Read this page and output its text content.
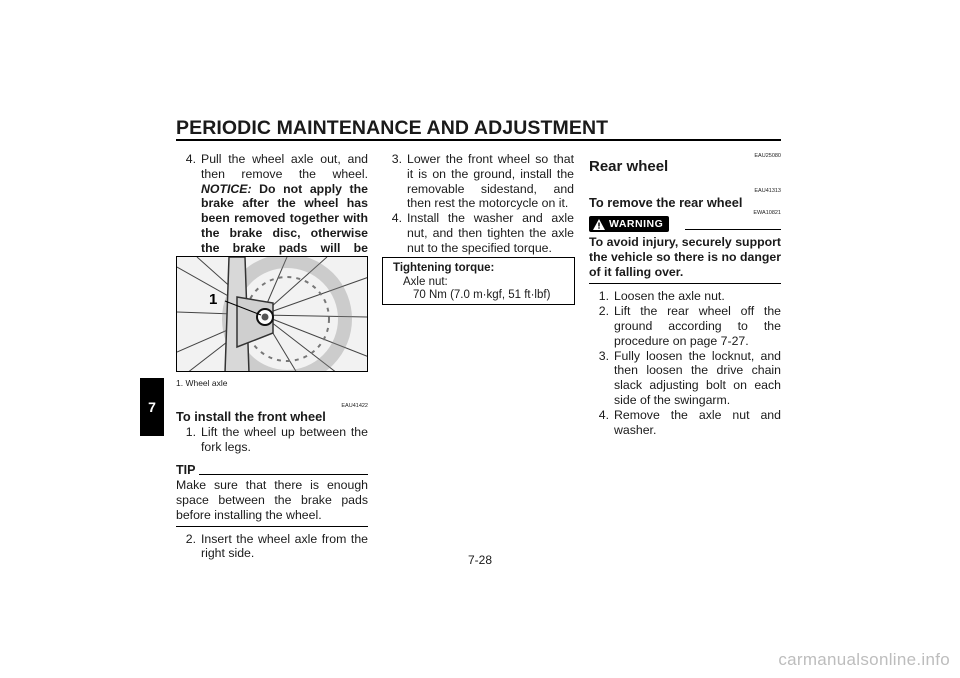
PERIODIC MAINTENANCE AND ADJUSTMENT
7
4. Pull the wheel axle out, and then remove the wheel. NOTICE: Do not apply the brake after the wheel has been removed together with the brake disc, otherwise the brake pads will be
1
1. Wheel axle
EAU41422
To install the front wheel
1. Lift the wheel up between the fork legs.
TIP
Make sure that there is enough space between the brake pads before installing the wheel.
2. Insert the wheel axle from the right side.
3. Lower the front wheel so that it is on the ground, install the removable sidestand, and then rest the motorcycle on it.
4. Install the washer and axle nut, and then tighten the axle nut to the specified torque.
Tightening torque:
Axle nut:
70 Nm (7.0 m·kgf, 51 ft·lbf)
EAU25080
Rear wheel
EAU41313
To remove the rear wheel
EWA10821
WARNING
To avoid injury, securely support the vehicle so there is no danger of it falling over.
1. Loosen the axle nut.
2. Lift the rear wheel off the ground according to the procedure on page 7-27.
3. Fully loosen the locknut, and then loosen the drive chain slack adjusting bolt on each side of the swingarm.
4. Remove the axle nut and washer.
7-28
carmanualsonline.info
